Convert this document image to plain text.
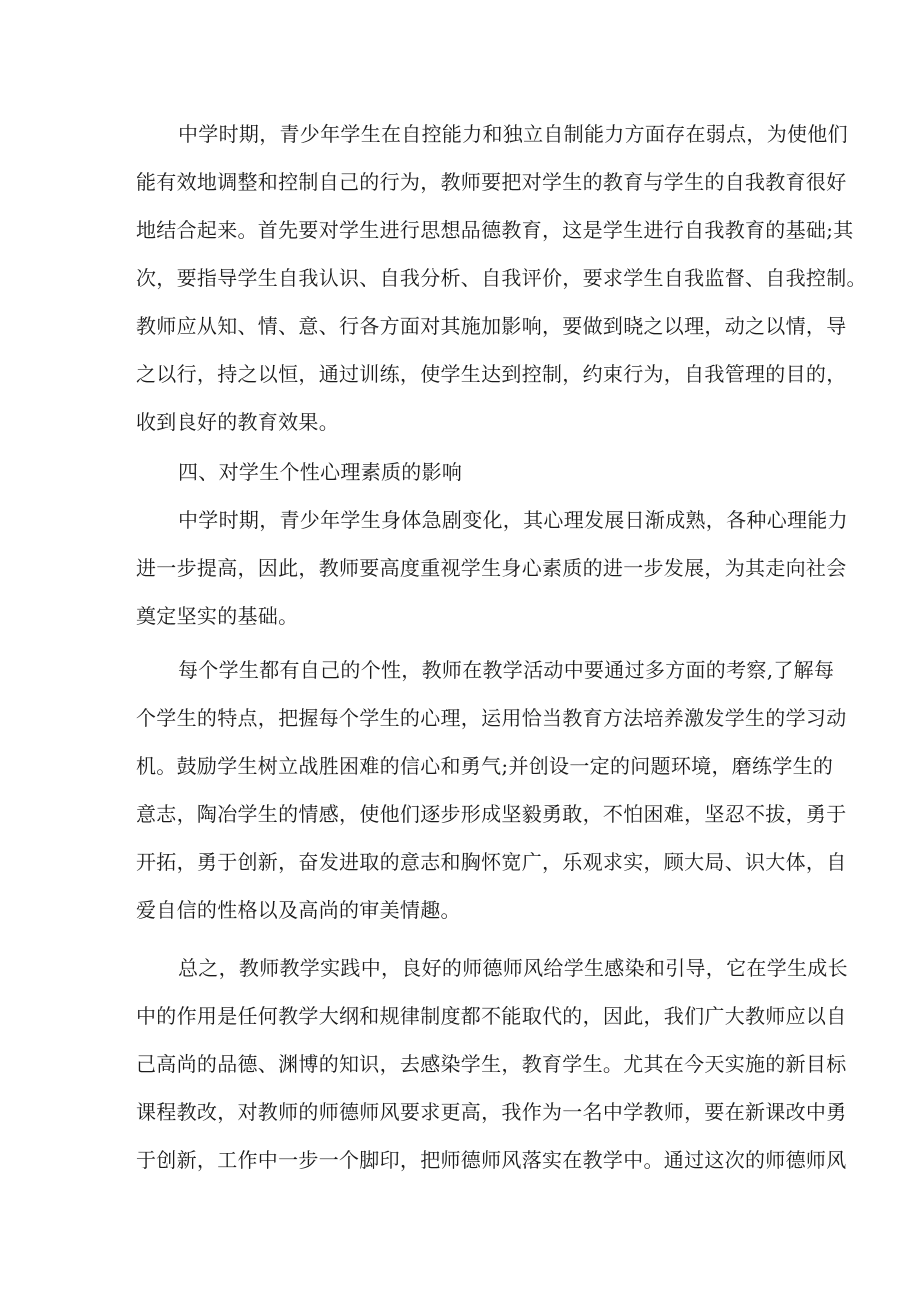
中学时期，青少年学生在自控能力和独立自制能力方面存在弱点，为使他们

能有效地调整和控制自己的行为，教师要把对学生的教育与学生的自我教育很好

地结合起来。首先要对学生进行思想品德教育，这是学生进行自我教育的基础;其

次，要指导学生自我认识、自我分析、自我评价，要求学生自我监督、自我控制。

教师应从知、情、意、行各方面对其施加影响，要做到晓之以理，动之以情，导

之以行，持之以恒，通过训练，使学生达到控制，约束行为，自我管理的目的，

收到良好的教育效果。

四、对学生个性心理素质的影响

中学时期，青少年学生身体急剧变化，其心理发展日渐成熟，各种心理能力

进一步提高，因此，教师要高度重视学生身心素质的进一步发展，为其走向社会

奠定坚实的基础。

每个学生都有自己的个性，教师在教学活动中要通过多方面的考察,了解每

个学生的特点，把握每个学生的心理，运用恰当教育方法培养激发学生的学习动

机。鼓励学生树立战胜困难的信心和勇气;并创设一定的问题环境，磨练学生的

意志，陶冶学生的情感，使他们逐步形成坚毅勇敢，不怕困难，坚忍不拔，勇于

开拓，勇于创新，奋发进取的意志和胸怀宽广，乐观求实，顾大局、识大体，自

爱自信的性格以及高尚的审美情趣。

总之，教师教学实践中，良好的师德师风给学生感染和引导，它在学生成长

中的作用是任何教学大纲和规律制度都不能取代的，因此，我们广大教师应以自

己高尚的品德、渊博的知识，去感染学生，教育学生。尤其在今天实施的新目标

课程教改，对教师的师德师风要求更高，我作为一名中学教师，要在新课改中勇

于创新，工作中一步一个脚印，把师德师风落实在教学中。通过这次的师德师风
